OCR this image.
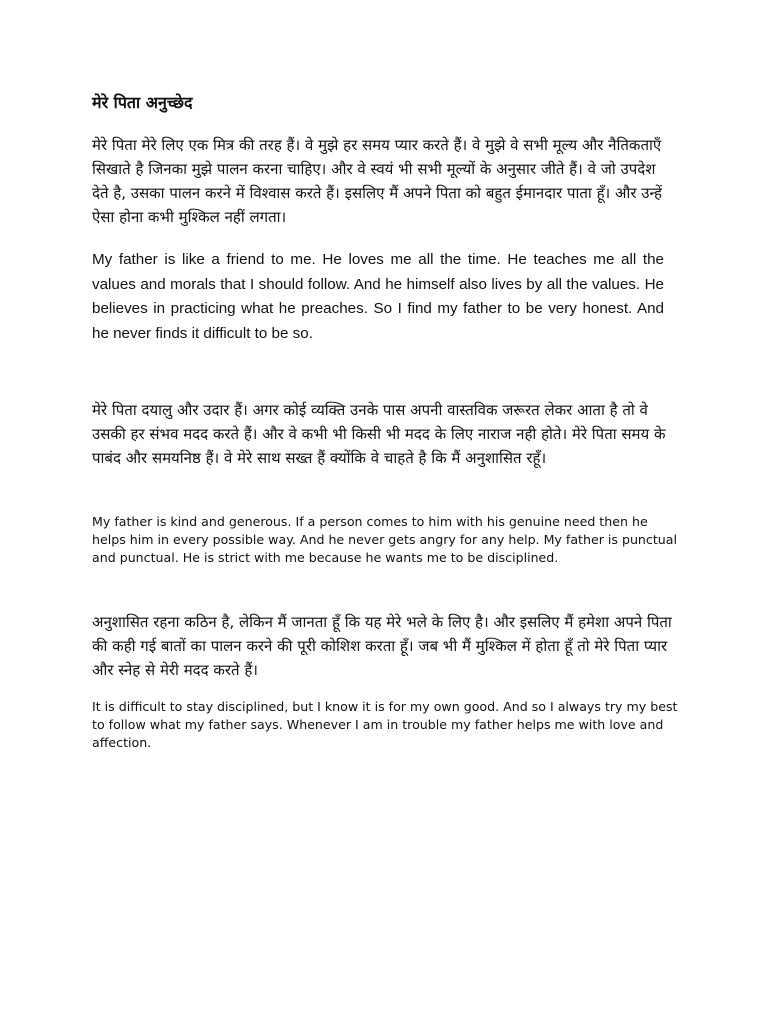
मेरे पिता अनुच्छेद

मेरे पिता मेरे लिए एक मित्र की तरह हैं। वे मुझे हर समय प्यार करते हैं। वे मुझे वे सभी मूल्य और नैतिकताएँ सिखाते है जिनका मुझे पालन करना चाहिए। और वे स्वयं भी सभी मूल्यों के अनुसार जीते हैं। वे जो उपदेश देते है, उसका पालन करने में विश्वास करते हैं। इसलिए मैं अपने पिता को बहुत ईमानदार पाता हूँ। और उन्हें ऐसा होना कभी मुश्किल नहीं लगता।

My father is like a friend to me. He loves me all the time. He teaches me all the values and morals that I should follow. And he himself also lives by all the values. He believes in practicing what he preaches. So I find my father to be very honest. And he never finds it difficult to be so.

मेरे पिता दयालु और उदार हैं। अगर कोई व्यक्ति उनके पास अपनी वास्तविक जरूरत लेकर आता है तो वे उसकी हर संभव मदद करते हैं। और वे कभी भी किसी भी मदद के लिए नाराज नही होते। मेरे पिता समय के पाबंद और समयनिष्ठ हैं। वे मेरे साथ सख्त हैं क्योंकि वे चाहते है कि मैं अनुशासित रहूँ।

My father is kind and generous. If a person comes to him with his genuine need then he helps him in every possible way. And he never gets angry for any help. My father is punctual and punctual. He is strict with me because he wants me to be disciplined.

अनुशासित रहना कठिन है, लेकिन मैं जानता हूँ कि यह मेरे भले के लिए है। और इसलिए मैं हमेशा अपने पिता की कही गई बातों का पालन करने की पूरी कोशिश करता हूँ। जब भी मैं मुश्किल में होता हूँ तो मेरे पिता प्यार और स्नेह से मेरी मदद करते हैं।

It is difficult to stay disciplined, but I know it is for my own good. And so I always try my best to follow what my father says. Whenever I am in trouble my father helps me with love and affection.
